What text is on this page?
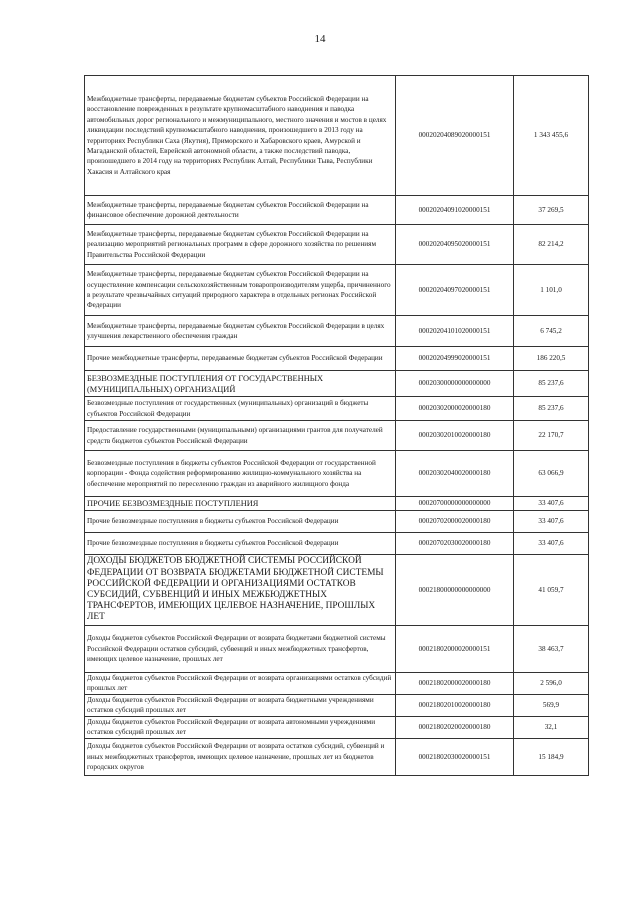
14
Межбюджетные трансферты, передаваемые бюджетам субъектов Российской Федерации на восстановление поврежденных в результате крупномасштабного наводнения и паводка автомобильных дорог регионального и межмуниципального, местного значения и мостов в целях ликвидации последствий крупномасштабного наводнения, произошедшего в 2013 году на территориях Республики Саха (Якутия), Приморского и Хабаровского краев, Амурской и Магаданской областей, Еврейской автономной области, а также последствий паводка, произошедшего в 2014 году на территориях Республик Алтай, Республики Тыва, Республики Хакасия и Алтайского края	00020204089020000151	1 343 455,6
Межбюджетные трансферты, передаваемые бюджетам субъектов Российской Федерации на финансовое обеспечение дорожной деятельности	00020204091020000151	37 269,5
Межбюджетные трансферты, передаваемые бюджетам субъектов Российской Федерации на реализацию мероприятий региональных программ в сфере дорожного хозяйства по решениям Правительства Российской Федерации	00020204095020000151	82 214,2
Межбюджетные трансферты, передаваемые бюджетам субъектов Российской Федерации на осуществление компенсации сельскохозяйственным товаропроизводителям ущерба, причиненного в результате чрезвычайных ситуаций природного характера в отдельных регионах Российской Федерации	00020204097020000151	1 101,0
Межбюджетные трансферты, передаваемые бюджетам субъектов Российской Федерации в целях улучшения лекарственного обеспечения граждан	00020204101020000151	6 745,2
Прочие межбюджетные трансферты, передаваемые бюджетам субъектов Российской Федерации	00020204999020000151	186 220,5
БЕЗВОЗМЕЗДНЫЕ ПОСТУПЛЕНИЯ ОТ ГОСУДАРСТВЕННЫХ (МУНИЦИПАЛЬНЫХ) ОРГАНИЗАЦИЙ	00020300000000000000	85 237,6
Безвозмездные поступления от государственных (муниципальных) организаций в бюджеты субъектов Российской Федерации	00020302000020000180	85 237,6
Предоставление государственными (муниципальными) организациями грантов для получателей средств бюджетов субъектов Российской Федерации	00020302010020000180	22 170,7
Безвозмездные поступления в бюджеты субъектов Российской Федерации от государственной корпорации - Фонда содействия реформированию жилищно-коммунального хозяйства на обеспечение мероприятий по переселению граждан из аварийного жилищного фонда	00020302040020000180	63 066,9
ПРОЧИЕ БЕЗВОЗМЕЗДНЫЕ ПОСТУПЛЕНИЯ	00020700000000000000	33 407,6
Прочие безвозмездные поступления в бюджеты субъектов Российской Федерации	00020702000020000180	33 407,6
Прочие безвозмездные поступления в бюджеты субъектов Российской Федерации	00020702030020000180	33 407,6
ДОХОДЫ БЮДЖЕТОВ БЮДЖЕТНОЙ СИСТЕМЫ РОССИЙСКОЙ ФЕДЕРАЦИИ ОТ ВОЗВРАТА БЮДЖЕТАМИ БЮДЖЕТНОЙ СИСТЕМЫ РОССИЙСКОЙ ФЕДЕРАЦИИ И ОРГАНИЗАЦИЯМИ ОСТАТКОВ СУБСИДИЙ, СУБВЕНЦИЙ И ИНЫХ МЕЖБЮДЖЕТНЫХ ТРАНСФЕРТОВ, ИМЕЮЩИХ ЦЕЛЕВОЕ НАЗНАЧЕНИЕ, ПРОШЛЫХ ЛЕТ	00021800000000000000	41 059,7
Доходы бюджетов субъектов Российской Федерации от возврата бюджетами бюджетной системы Российской Федерации остатков субсидий, субвенций и иных межбюджетных трансфертов, имеющих целевое назначение, прошлых лет	00021802000020000151	38 463,7
Доходы бюджетов субъектов Российской Федерации от возврата организациями остатков субсидий прошлых лет	00021802000020000180	2 596,0
Доходы бюджетов субъектов Российской Федерации от возврата бюджетными учреждениями остатков субсидий прошлых лет	00021802010020000180	569,9
Доходы бюджетов субъектов Российской Федерации от возврата автономными учреждениями остатков субсидий прошлых лет	00021802020020000180	32,1
Доходы бюджетов субъектов Российской Федерации от возврата остатков субсидий, субвенций и иных межбюджетных трансфертов, имеющих целевое назначение, прошлых лет из бюджетов городских округов	00021802030020000151	15 184,9
